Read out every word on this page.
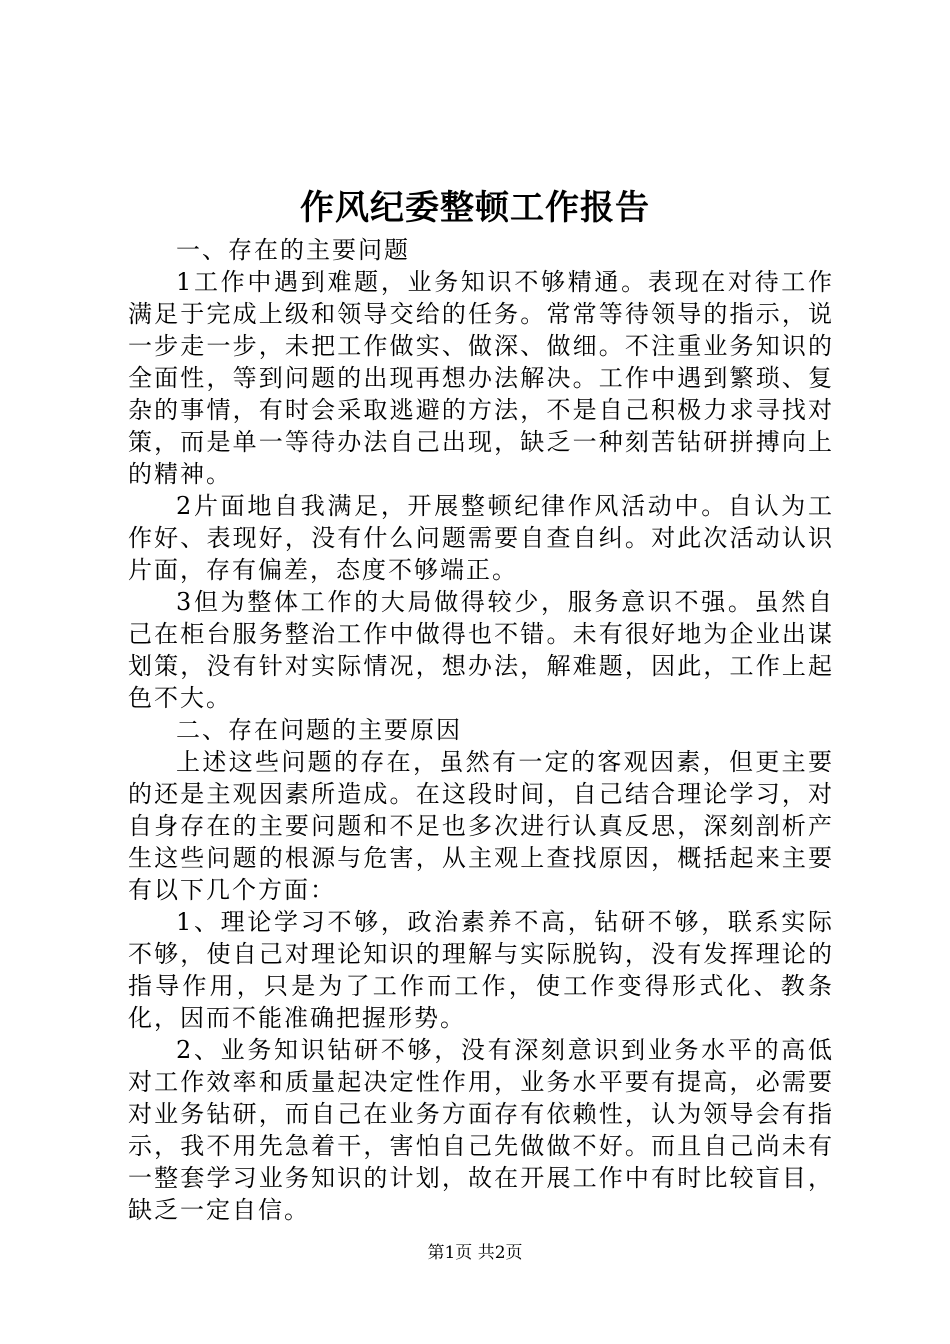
作风纪委整顿工作报告

一、存在的主要问题

1工作中遇到难题，业务知识不够精通。表现在对待工作满足于完成上级和领导交给的任务。常常等待领导的指示，说一步走一步，未把工作做实、做深、做细。不注重业务知识的全面性，等到问题的出现再想办法解决。工作中遇到繁琐、复杂的事情，有时会采取逃避的方法，不是自己积极力求寻找对策，而是单一等待办法自己出现，缺乏一种刻苦钻研拼搏向上的精神。

2片面地自我满足，开展整顿纪律作风活动中。自认为工作好、表现好，没有什么问题需要自查自纠。对此次活动认识片面，存有偏差，态度不够端正。

3但为整体工作的大局做得较少，服务意识不强。虽然自己在柜台服务整治工作中做得也不错。未有很好地为企业出谋划策，没有针对实际情况，想办法，解难题，因此，工作上起色不大。

二、存在问题的主要原因

上述这些问题的存在，虽然有一定的客观因素，但更主要的还是主观因素所造成。在这段时间，自己结合理论学习，对自身存在的主要问题和不足也多次进行认真反思，深刻剖析产生这些问题的根源与危害，从主观上查找原因，概括起来主要有以下几个方面：

1、理论学习不够，政治素养不高，钻研不够，联系实际不够，使自己对理论知识的理解与实际脱钩，没有发挥理论的指导作用，只是为了工作而工作，使工作变得形式化、教条化，因而不能准确把握形势。

2、业务知识钻研不够，没有深刻意识到业务水平的高低对工作效率和质量起决定性作用，业务水平要有提高，必需要对业务钻研，而自己在业务方面存有依赖性，认为领导会有指示，我不用先急着干，害怕自己先做做不好。而且自己尚未有一整套学习业务知识的计划，故在开展工作中有时比较盲目，缺乏一定自信。

第1页 共2页
